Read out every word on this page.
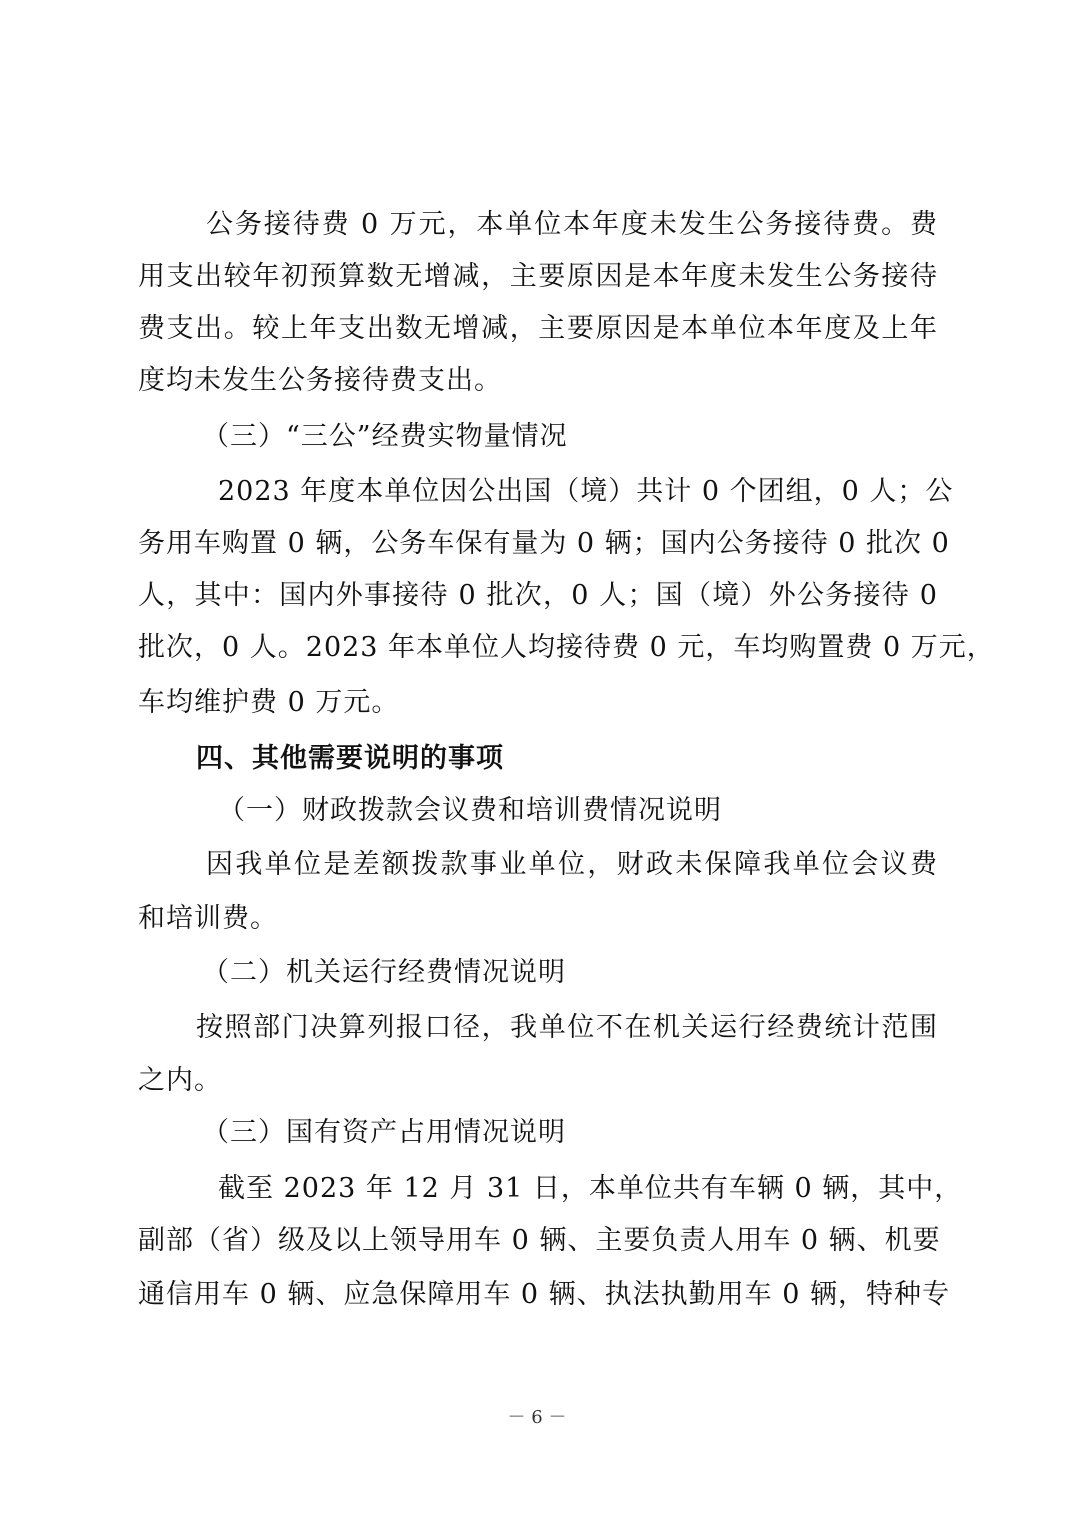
公务接待费 0 万元，本单位本年度未发生公务接待费。费
用支出较年初预算数无增减，主要原因是本年度未发生公务接待
费支出。较上年支出数无增减，主要原因是本单位本年度及上年
度均未发生公务接待费支出。
（三）“三公”经费实物量情况
2023 年度本单位因公出国（境）共计 0 个团组，0 人；公
务用车购置 0 辆，公务车保有量为 0 辆；国内公务接待 0 批次 0
人，其中：国内外事接待 0 批次，0 人；国（境）外公务接待 0
批次，0 人。2023 年本单位人均接待费 0 元，车均购置费 0 万元，
车均维护费 0 万元。
四、其他需要说明的事项
（一）财政拨款会议费和培训费情况说明
因我单位是差额拨款事业单位，财政未保障我单位会议费
和培训费。
（二）机关运行经费情况说明
按照部门决算列报口径，我单位不在机关运行经费统计范围
之内。
（三）国有资产占用情况说明
截至 2023 年 12 月 31 日，本单位共有车辆 0 辆，其中，
副部（省）级及以上领导用车 0 辆、主要负责人用车 0 辆、机要
通信用车 0 辆、应急保障用车 0 辆、执法执勤用车 0 辆，特种专
－ 6 －
